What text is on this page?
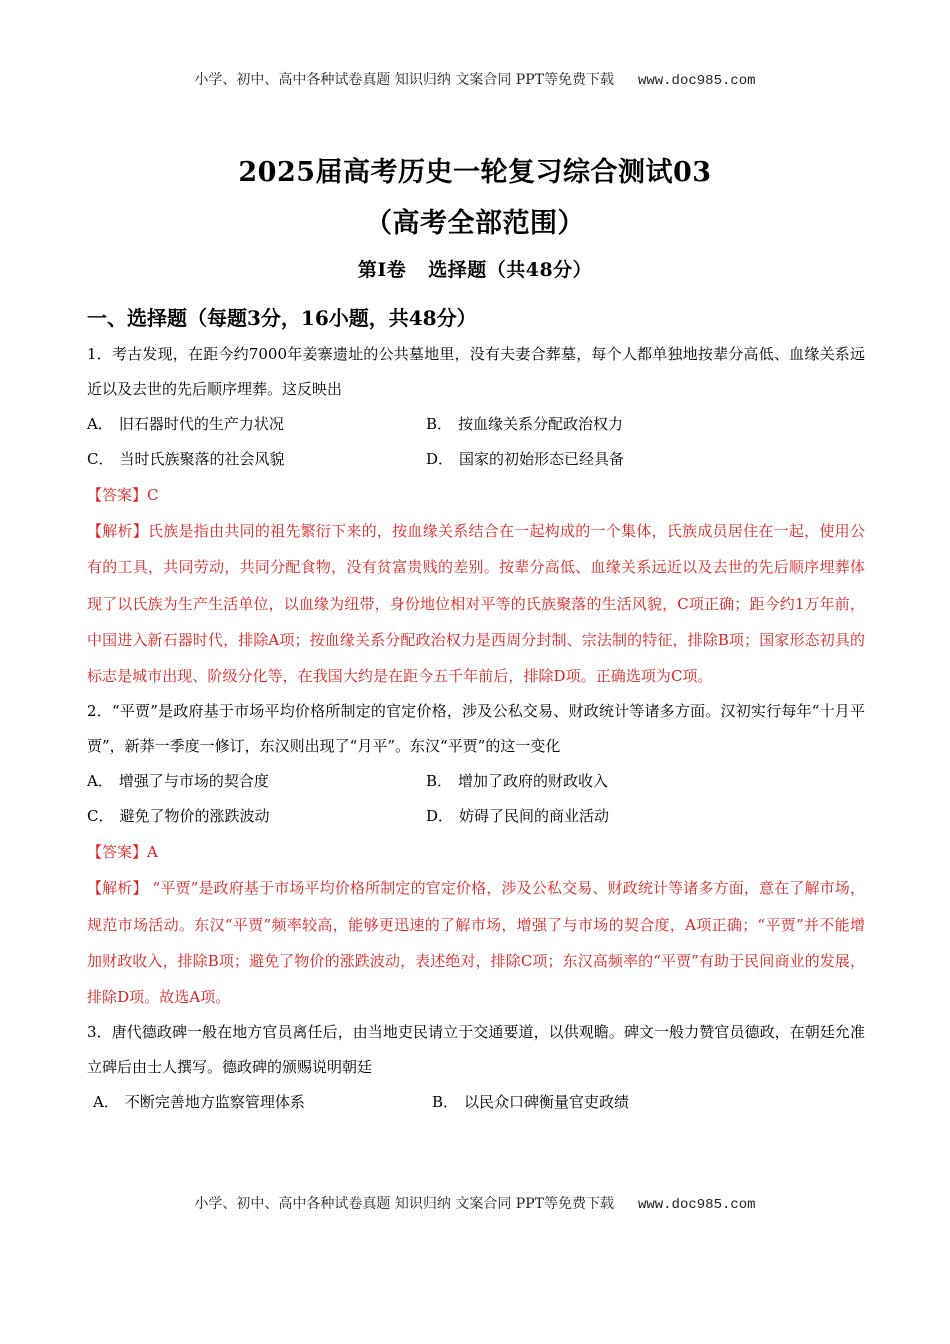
小学、初中、高中各种试卷真题 知识归纳 文案合同 PPT等免费下载 www.doc985.com
2025届高考历史一轮复习综合测试03
（高考全部范围）
第Ⅰ卷 选择题（共48分）
一、选择题（每题3分，16小题，共48分）

1．考古发现，在距今约7000年姜寨遗址的公共墓地里，没有夫妻合葬墓，每个人都单独地按辈分高低、血缘关系远近以及去世的先后顺序埋葬。这反映出

A． 旧石器时代的生产力状况	B． 按血缘关系分配政治权力
C． 当时氏族聚落的社会风貌	D． 国家的初始形态已经具备

【答案】C

【解析】氏族是指由共同的祖先繁衍下来的，按血缘关系结合在一起构成的一个集体，氏族成员居住在一起，使用公有的工具，共同劳动，共同分配食物，没有贫富贵贱的差别。按辈分高低、血缘关系远近以及去世的先后顺序埋葬体现了以氏族为生产生活单位，以血缘为纽带，身份地位相对平等的氏族聚落的生活风貌，C项正确；距今约1万年前，中国进入新石器时代，排除A项；按血缘关系分配政治权力是西周分封制、宗法制的特征，排除B项；国家形态初具的标志是城市出现、阶级分化等，在我国大约是在距今五千年前后，排除D项。正确选项为C项。

2．“平贾”是政府基于市场平均价格所制定的官定价格，涉及公私交易、财政统计等诸多方面。汉初实行每年“十月平贾”，新莽一季度一修订，东汉则出现了“月平”。东汉“平贾”的这一变化

A． 增强了与市场的契合度	B． 增加了政府的财政收入
C． 避免了物价的涨跌波动	D． 妨碍了民间的商业活动

【答案】A

【解析】 “平贾”是政府基于市场平均价格所制定的官定价格，涉及公私交易、财政统计等诸多方面，意在了解市场，规范市场活动。东汉“平贾”频率较高，能够更迅速的了解市场，增强了与市场的契合度，A项正确；“平贾”并不能增加财政收入，排除B项；避免了物价的涨跌波动，表述绝对，排除C项；东汉高频率的“平贾”有助于民间商业的发展，排除D项。故选A项。

3．唐代德政碑一般在地方官员离任后，由当地吏民请立于交通要道，以供观瞻。碑文一般力赞官员德政，在朝廷允准立碑后由士人撰写。德政碑的颁赐说明朝廷

A． 不断完善地方监察管理体系	B． 以民众口碑衡量官吏政绩
小学、初中、高中各种试卷真题 知识归纳 文案合同 PPT等免费下载 www.doc985.com
